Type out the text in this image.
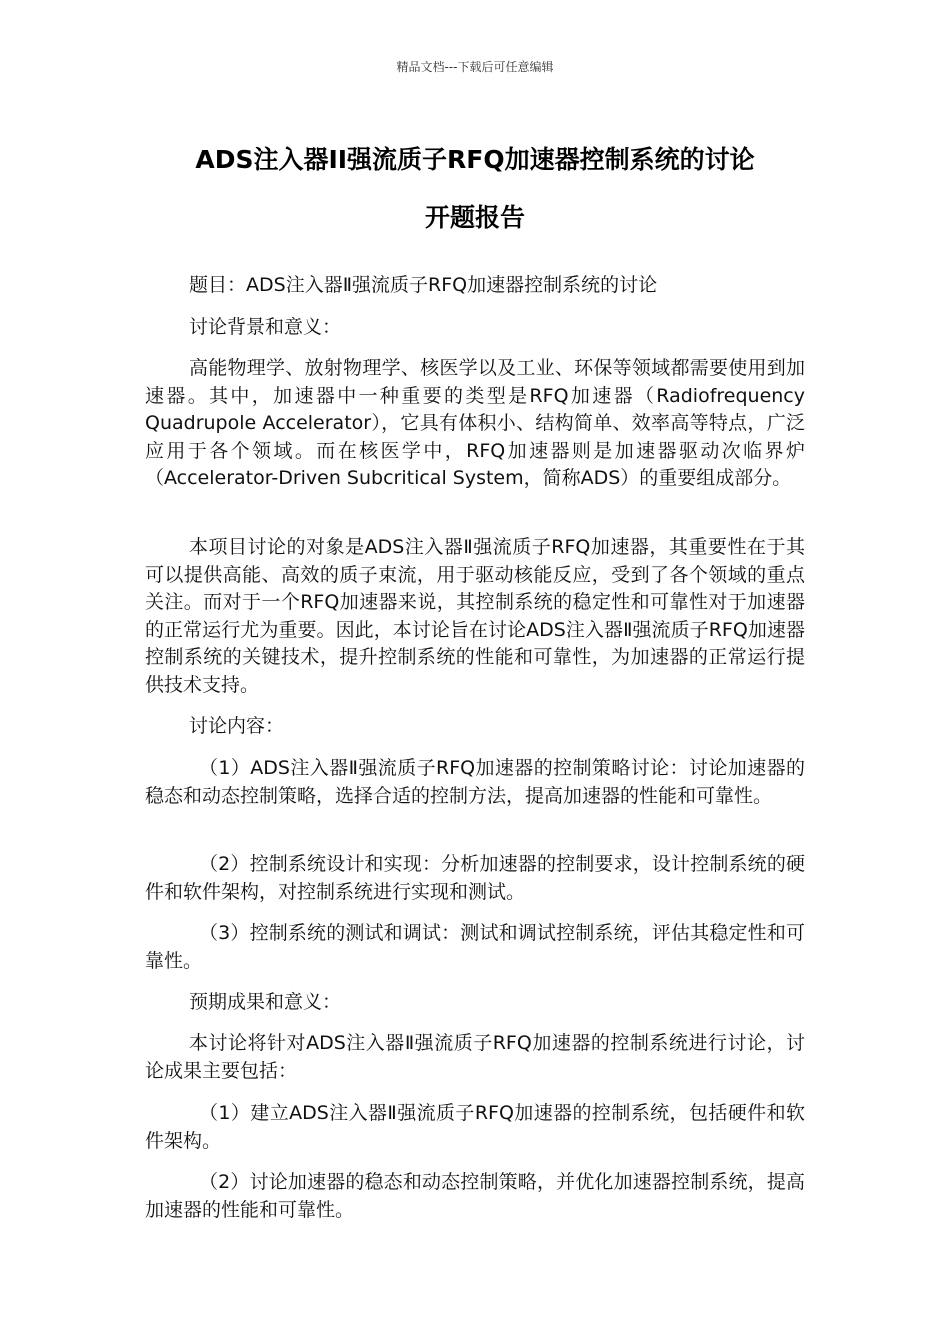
精品文档---下载后可任意编辑
ADS注入器II强流质子RFQ加速器控制系统的讨论
开题报告

题目：ADS注入器Ⅱ强流质子RFQ加速器控制系统的讨论

讨论背景和意义：

高能物理学、放射物理学、核医学以及工业、环保等领域都需要使用到加速器。其中，加速器中一种重要的类型是RFQ加速器（Radiofrequency Quadrupole Accelerator），它具有体积小、结构简单、效率高等特点，广泛应用于各个领域。而在核医学中，RFQ加速器则是加速器驱动次临界炉（Accelerator-Driven Subcritical System，简称ADS）的重要组成部分。

本项目讨论的对象是ADS注入器Ⅱ强流质子RFQ加速器，其重要性在于其可以提供高能、高效的质子束流，用于驱动核能反应，受到了各个领域的重点关注。而对于一个RFQ加速器来说，其控制系统的稳定性和可靠性对于加速器的正常运行尤为重要。因此，本讨论旨在讨论ADS注入器Ⅱ强流质子RFQ加速器控制系统的关键技术，提升控制系统的性能和可靠性，为加速器的正常运行提供技术支持。

讨论内容：

（1）ADS注入器Ⅱ强流质子RFQ加速器的控制策略讨论：讨论加速器的稳态和动态控制策略，选择合适的控制方法，提高加速器的性能和可靠性。

（2）控制系统设计和实现：分析加速器的控制要求，设计控制系统的硬件和软件架构，对控制系统进行实现和测试。

（3）控制系统的测试和调试：测试和调试控制系统，评估其稳定性和可靠性。

预期成果和意义：

本讨论将针对ADS注入器Ⅱ强流质子RFQ加速器的控制系统进行讨论，讨论成果主要包括：

（1）建立ADS注入器Ⅱ强流质子RFQ加速器的控制系统，包括硬件和软件架构。

（2）讨论加速器的稳态和动态控制策略，并优化加速器控制系统，提高加速器的性能和可靠性。
